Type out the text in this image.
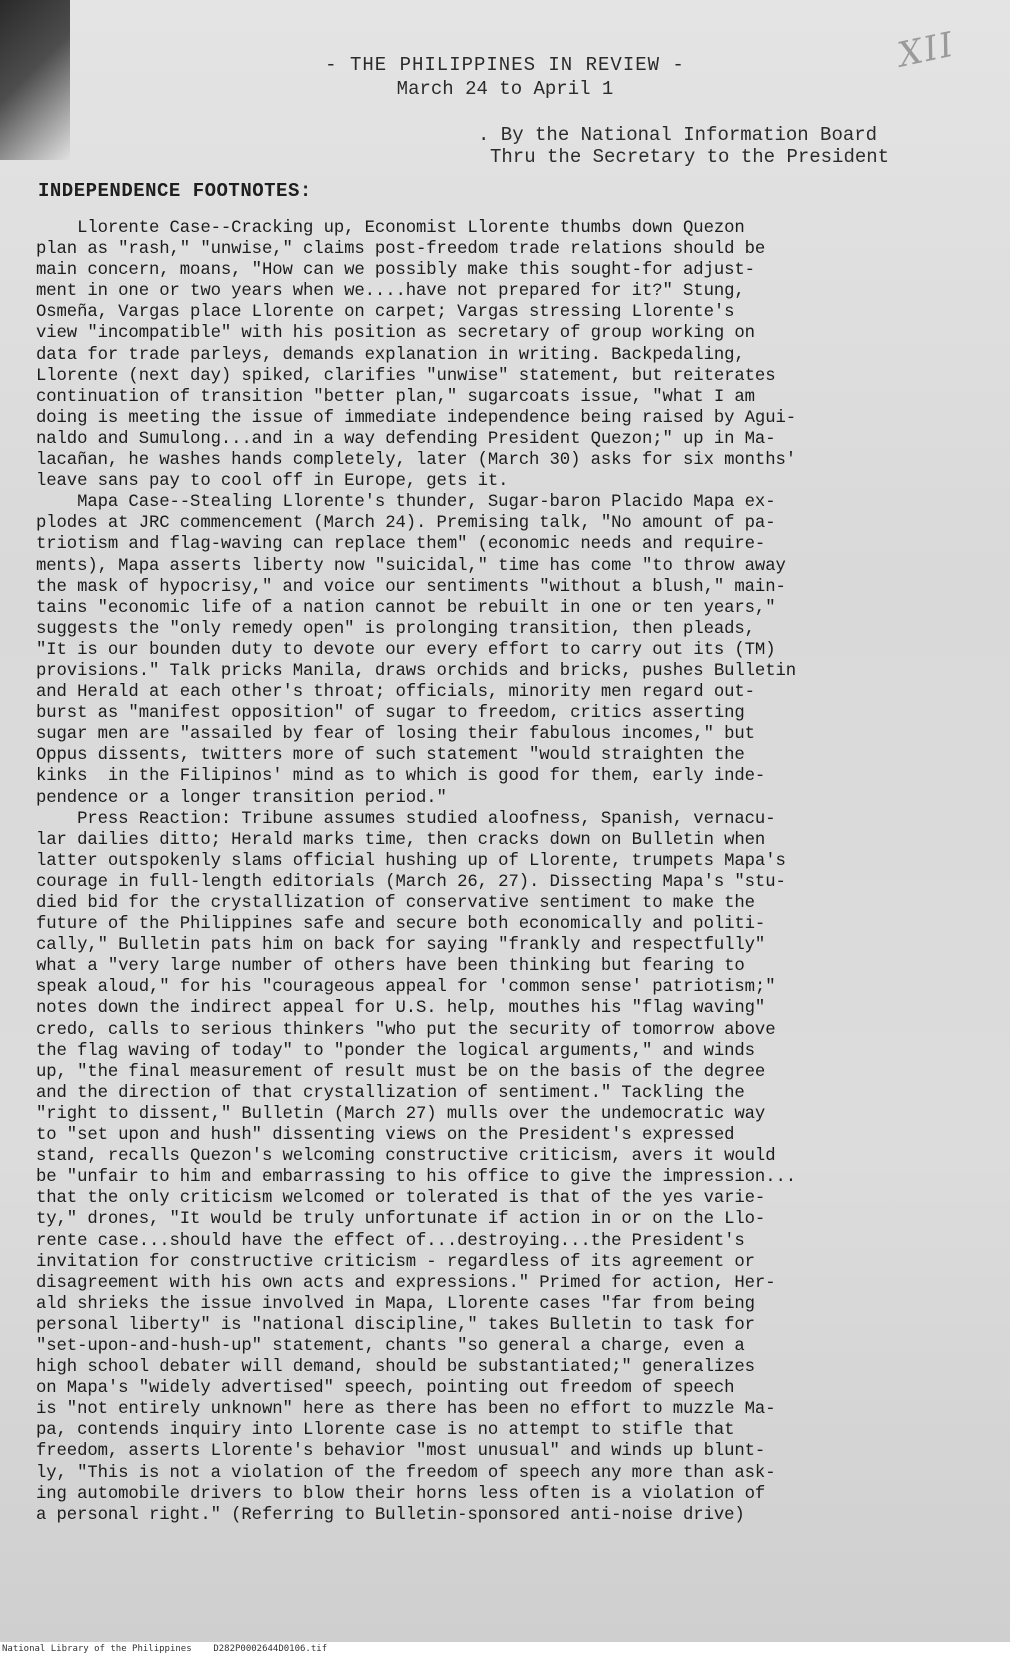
XII
- THE PHILIPPINES IN REVIEW -
March 24 to April 1
. By the National Information Board
Thru the Secretary to the President
INDEPENDENCE FOOTNOTES:
Llorente Case--Cracking up, Economist Llorente thumbs down Quezon
plan as "rash," "unwise," claims post-freedom trade relations should be
main concern, moans, "How can we possibly make this sought-for adjust-
ment in one or two years when we....have not prepared for it?" Stung,
Osmeña, Vargas place Llorente on carpet; Vargas stressing Llorente's
view "incompatible" with his position as secretary of group working on
data for trade parleys, demands explanation in writing. Backpedaling,
Llorente (next day) spiked, clarifies "unwise" statement, but reiterates
continuation of transition "better plan," sugarcoats issue, "what I am
doing is meeting the issue of immediate independence being raised by Agui-
naldo and Sumulong...and in a way defending President Quezon;" up in Ma-
lacañan, he washes hands completely, later (March 30) asks for six months'
leave sans pay to cool off in Europe, gets it.
Mapa Case--Stealing Llorente's thunder, Sugar-baron Placido Mapa ex-
plodes at JRC commencement (March 24). Premising talk, "No amount of pa-
triotism and flag-waving can replace them" (economic needs and require-
ments), Mapa asserts liberty now "suicidal," time has come "to throw away
the mask of hypocrisy," and voice our sentiments "without a blush," main-
tains "economic life of a nation cannot be rebuilt in one or ten years,"
suggests the "only remedy open" is prolonging transition, then pleads,
"It is our bounden duty to devote our every effort to carry out its (TM)
provisions." Talk pricks Manila, draws orchids and bricks, pushes Bulletin
and Herald at each other's throat; officials, minority men regard out-
burst as "manifest opposition" of sugar to freedom, critics asserting
sugar men are "assailed by fear of losing their fabulous incomes," but
Oppus dissents, twitters more of such statement "would straighten the
kinks  in the Filipinos' mind as to which is good for them, early inde-
pendence or a longer transition period."
Press Reaction: Tribune assumes studied aloofness, Spanish, vernacu-
lar dailies ditto; Herald marks time, then cracks down on Bulletin when
latter outspokenly slams official hushing up of Llorente, trumpets Mapa's
courage in full-length editorials (March 26, 27). Dissecting Mapa's "stu-
died bid for the crystallization of conservative sentiment to make the
future of the Philippines safe and secure both economically and politi-
cally," Bulletin pats him on back for saying "frankly and respectfully"
what a "very large number of others have been thinking but fearing to
speak aloud," for his "courageous appeal for 'common sense' patriotism;"
notes down the indirect appeal for U.S. help, mouthes his "flag waving"
credo, calls to serious thinkers "who put the security of tomorrow above
the flag waving of today" to "ponder the logical arguments," and winds
up, "the final measurement of result must be on the basis of the degree
and the direction of that crystallization of sentiment." Tackling the
"right to dissent," Bulletin (March 27) mulls over the undemocratic way
to "set upon and hush" dissenting views on the President's expressed
stand, recalls Quezon's welcoming constructive criticism, avers it would
be "unfair to him and embarrassing to his office to give the impression...
that the only criticism welcomed or tolerated is that of the yes varie-
ty," drones, "It would be truly unfortunate if action in or on the Llo-
rente case...should have the effect of...destroying...the President's
invitation for constructive criticism - regardless of its agreement or
disagreement with his own acts and expressions." Primed for action, Her-
ald shrieks the issue involved in Mapa, Llorente cases "far from being
personal liberty" is "national discipline," takes Bulletin to task for
"set-upon-and-hush-up" statement, chants "so general a charge, even a
high school debater will demand, should be substantiated;" generalizes
on Mapa's "widely advertised" speech, pointing out freedom of speech
is "not entirely unknown" here as there has been no effort to muzzle Ma-
pa, contends inquiry into Llorente case is no attempt to stifle that
freedom, asserts Llorente's behavior "most unusual" and winds up blunt-
ly, "This is not a violation of the freedom of speech any more than ask-
ing automobile drivers to blow their horns less often is a violation of
a personal right." (Referring to Bulletin-sponsored anti-noise drive)
National Library of the Philippines    D282P0002644D0106.tif
